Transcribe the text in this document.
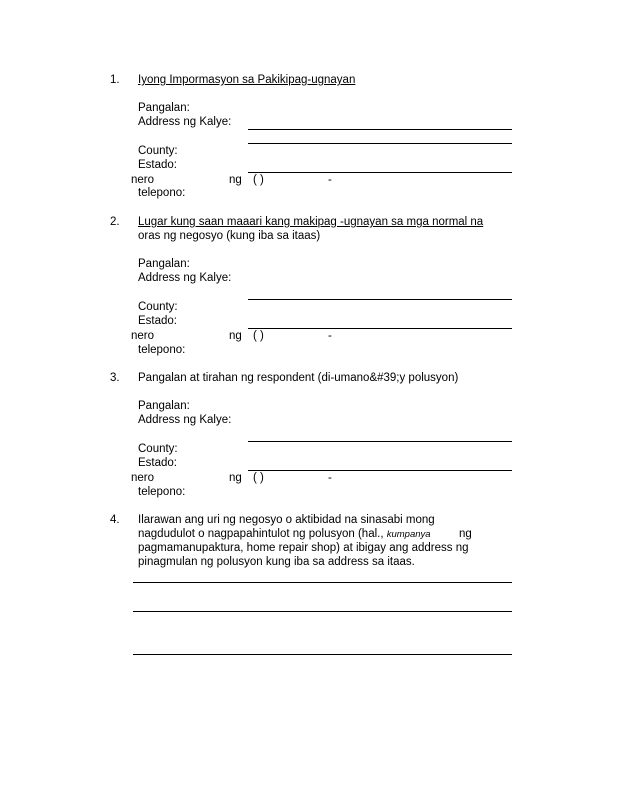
1. Iyong Impormasyon sa Pakikipag-ugnayan
Pangalan:
Address ng Kalye:
County:
Estado:
nero	ng ( )	-
telepono:
2. Lugar kung saan maaari kang makipag -ugnayan sa mga normal na
oras ng negosyo (kung iba sa itaas)
Pangalan:
Address ng Kalye:
County:
Estado:
nero	ng ( )	-
telepono:
3. Pangalan at tirahan ng respondent (di-umano&#39;y polusyon)
Pangalan:
Address ng Kalye:
County:
Estado:
nero	ng ( )	-
telepono:
4. Ilarawan ang uri ng negosyo o aktibidad na sinasabi mong
nagdudulot o nagpapahintulot ng polusyon (hal., kumpanya ng
pagmamanupaktura, home repair shop) at ibigay ang address ng
pinagmulan ng polusyon kung iba sa address sa itaas.
